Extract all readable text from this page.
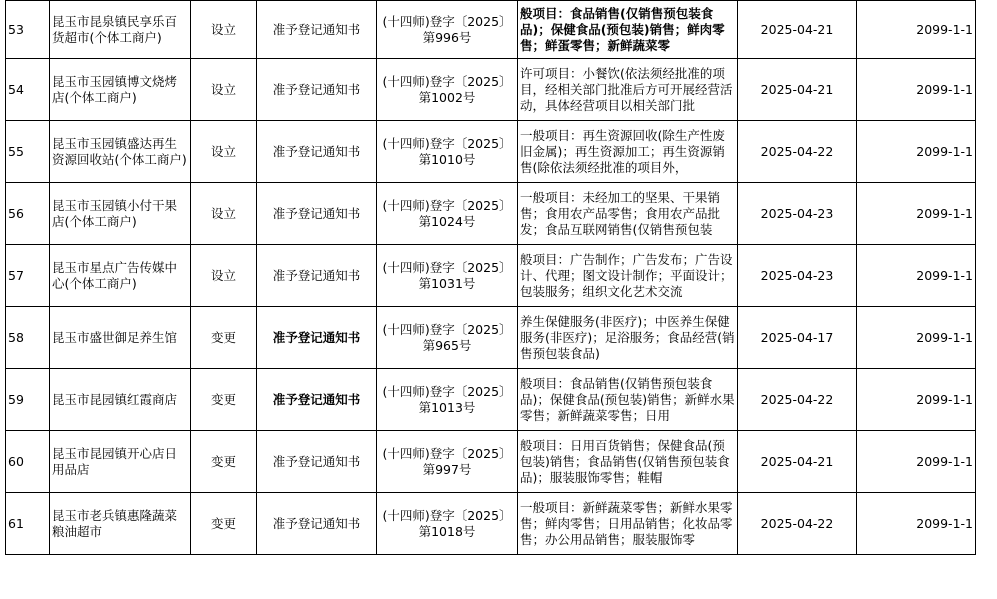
53	昆玉市昆泉镇民享乐百货超市(个体工商户)	设立	准予登记通知书	(十四师)登字〔2025〕第996号	般项目：食品销售(仅销售预包装食品)；保健食品(预包装)销售；鲜肉零售；鲜蛋零售；新鲜蔬菜零	2025-04-21	2099-1-1
54	昆玉市玉园镇博文烧烤店(个体工商户)	设立	准予登记通知书	(十四师)登字〔2025〕第1002号	许可项目：小餐饮(依法须经批准的项目，经相关部门批准后方可开展经营活动，具体经营项目以相关部门批	2025-04-21	2099-1-1
55	昆玉市玉园镇盛达再生资源回收站(个体工商户)	设立	准予登记通知书	(十四师)登字〔2025〕第1010号	一般项目：再生资源回收(除生产性废旧金属)；再生资源加工；再生资源销售(除依法须经批准的项目外，	2025-04-22	2099-1-1
56	昆玉市玉园镇小付干果店(个体工商户)	设立	准予登记通知书	(十四师)登字〔2025〕第1024号	一般项目：未经加工的坚果、干果销售；食用农产品零售；食用农产品批发；食品互联网销售(仅销售预包装	2025-04-23	2099-1-1
57	昆玉市星点广告传媒中心(个体工商户)	设立	准予登记通知书	(十四师)登字〔2025〕第1031号	般项目：广告制作；广告发布；广告设计、代理；图文设计制作；平面设计；包装服务；组织文化艺术交流	2025-04-23	2099-1-1
58	昆玉市盛世御足养生馆	变更	准予登记通知书	(十四师)登字〔2025〕第965号	养生保健服务(非医疗)；中医养生保健服务(非医疗)；足浴服务；食品经营(销售预包装食品)	2025-04-17	2099-1-1
59	昆玉市昆园镇红霞商店	变更	准予登记通知书	(十四师)登字〔2025〕第1013号	般项目：食品销售(仅销售预包装食品)；保健食品(预包装)销售；新鲜水果零售；新鲜蔬菜零售；日用	2025-04-22	2099-1-1
60	昆玉市昆园镇开心店日用品店	变更	准予登记通知书	(十四师)登字〔2025〕第997号	般项目：日用百货销售；保健食品(预包装)销售；食品销售(仅销售预包装食品)；服装服饰零售；鞋帽	2025-04-21	2099-1-1
61	昆玉市老兵镇惠隆蔬菜粮油超市	变更	准予登记通知书	(十四师)登字〔2025〕第1018号	一般项目：新鲜蔬菜零售；新鲜水果零售；鲜肉零售；日用品销售；化妆品零售；办公用品销售；服装服饰零	2025-04-22	2099-1-1
